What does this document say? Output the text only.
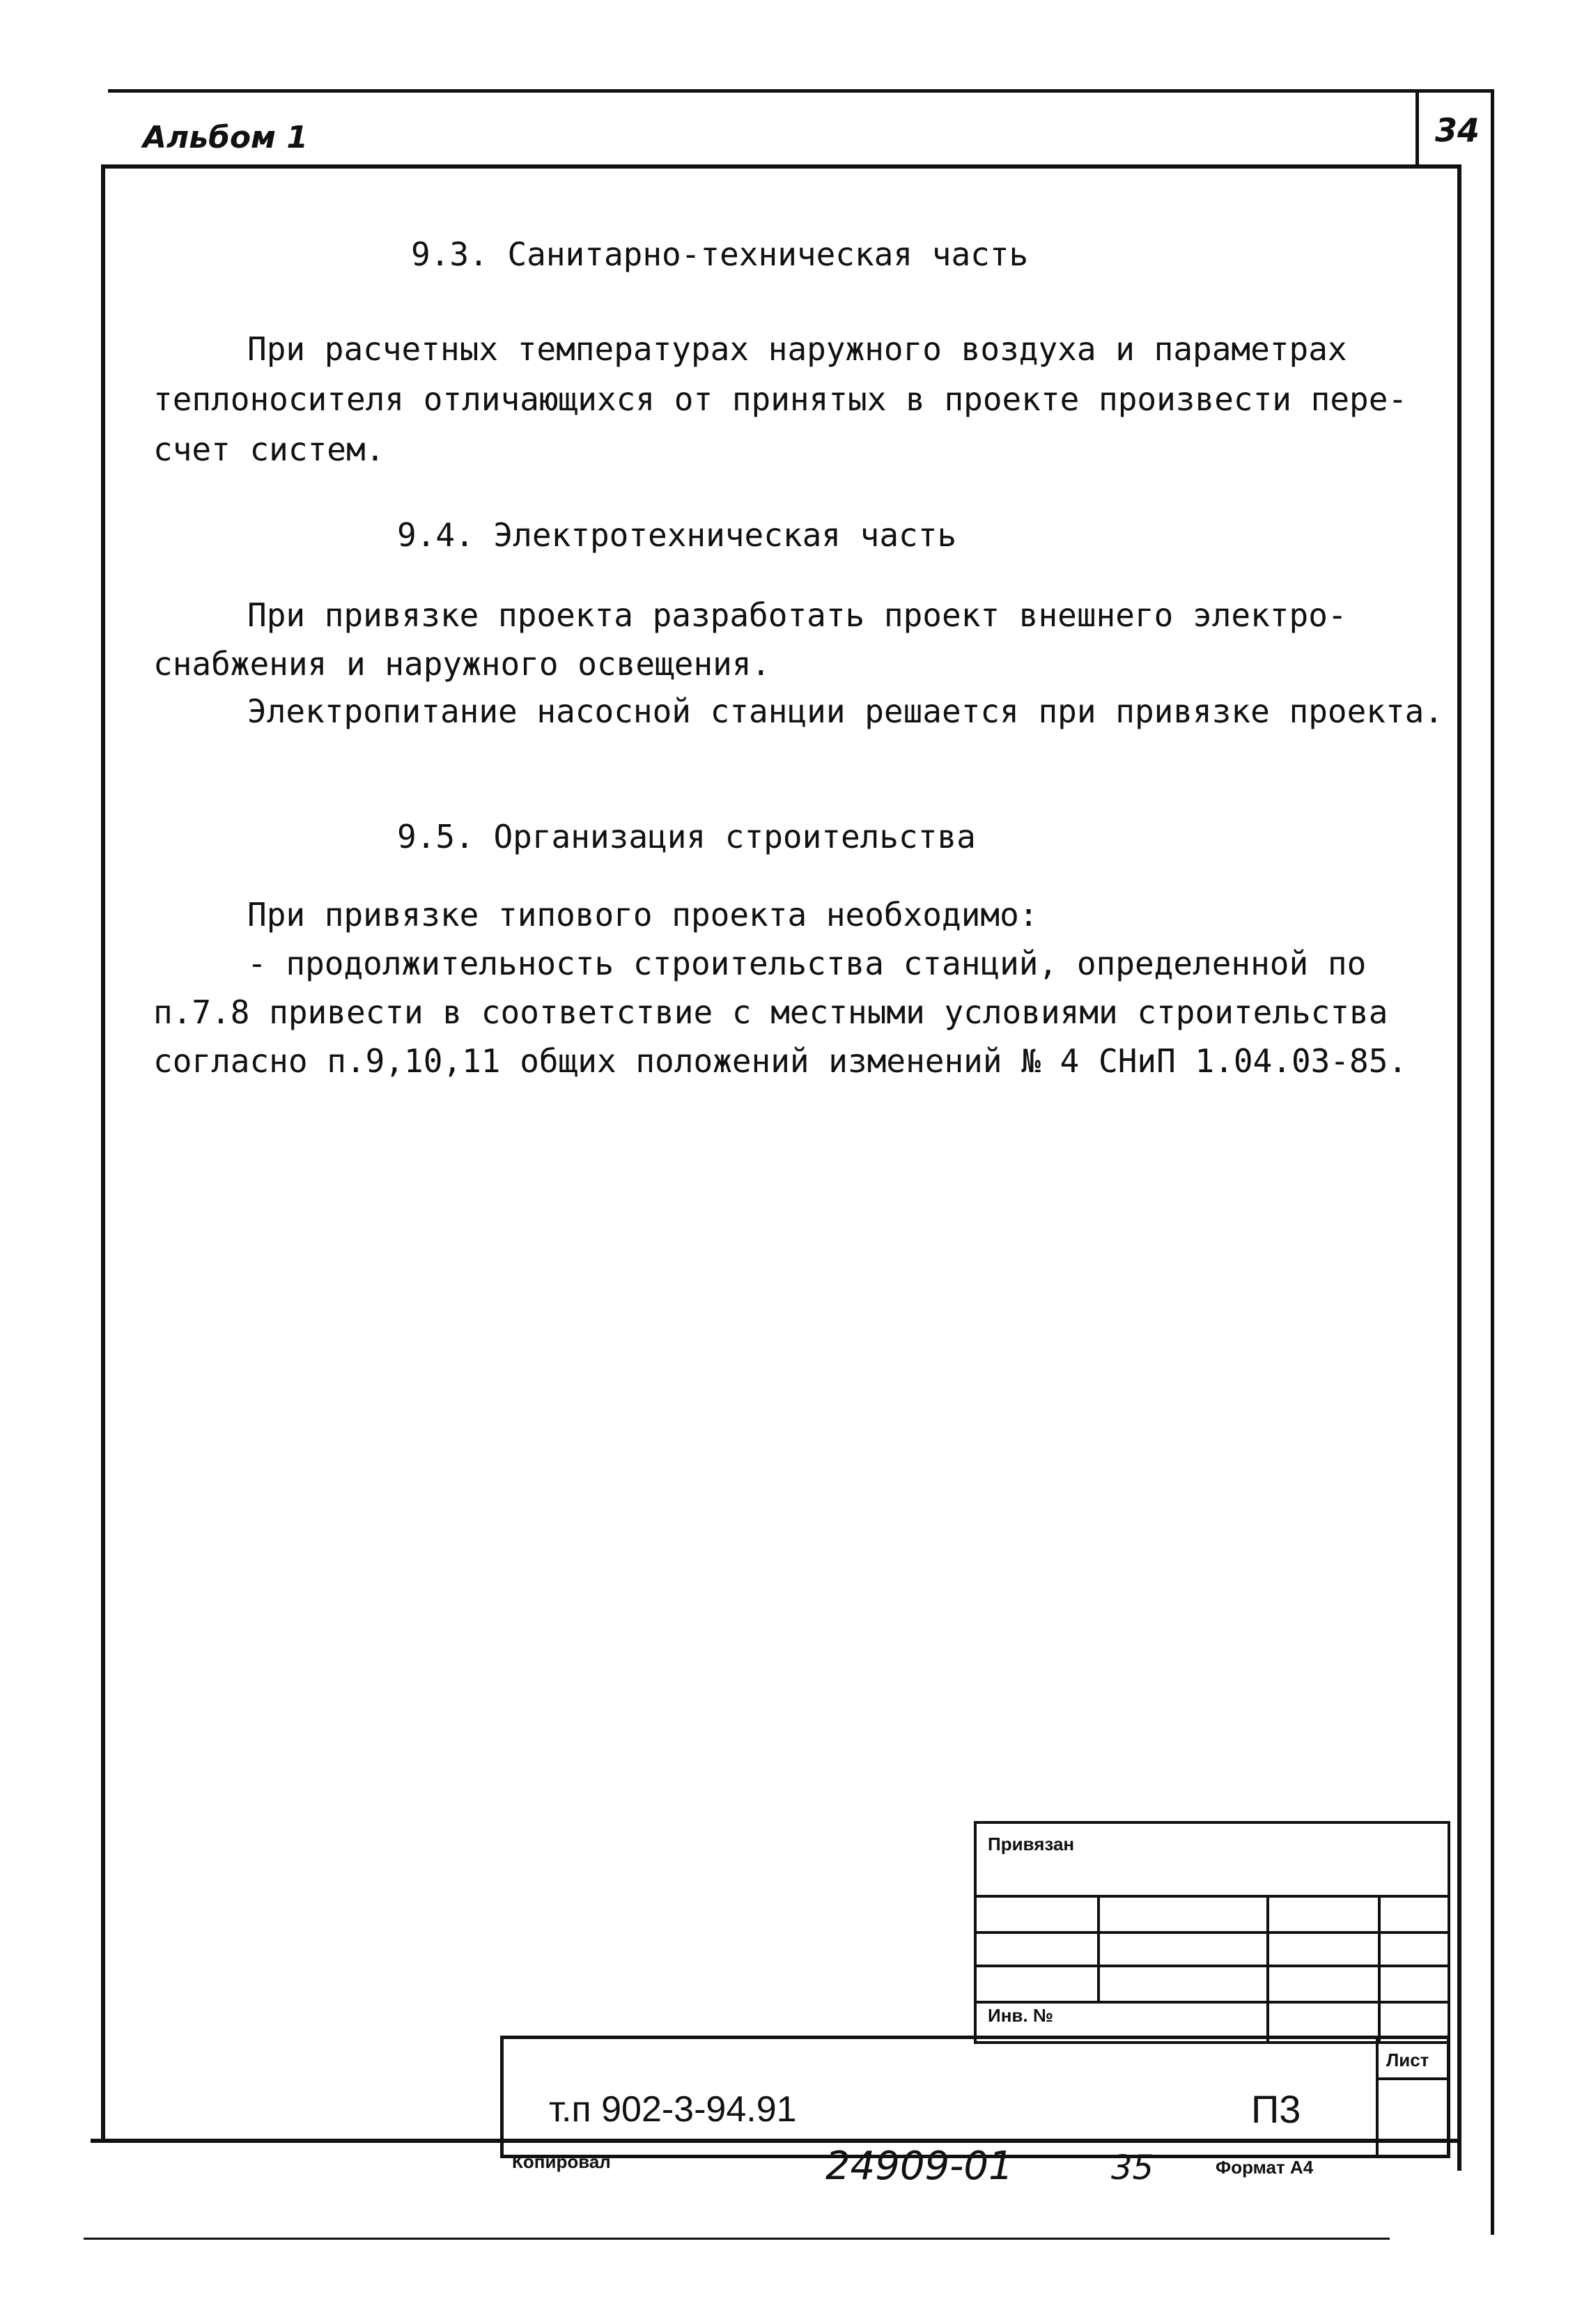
Альбом 1	34
9.3. Санитарно-техническая часть
При расчетных температурах наружного воздуха и параметрах
теплоносителя отличающихся от принятых в проекте произвести пере-
счет систем.
9.4. Электротехническая часть
При привязке проекта разработать проект внешнего электро-
снабжения и наружного освещения.
Электропитание насосной станции решается при привязке проекта.
9.5. Организация строительства
При привязке типового проекта необходимо:
- продолжительность строительства станций, определенной по
п.7.8 привести в соответствие с местными условиями строительства
согласно п.9,10,11 общих положений изменений № 4 СНиП 1.04.03-85.
Привязан
Инв. №
Лист
т.п 902-3-94.91	П3
Копировал	24909-01	35	Формат А4
